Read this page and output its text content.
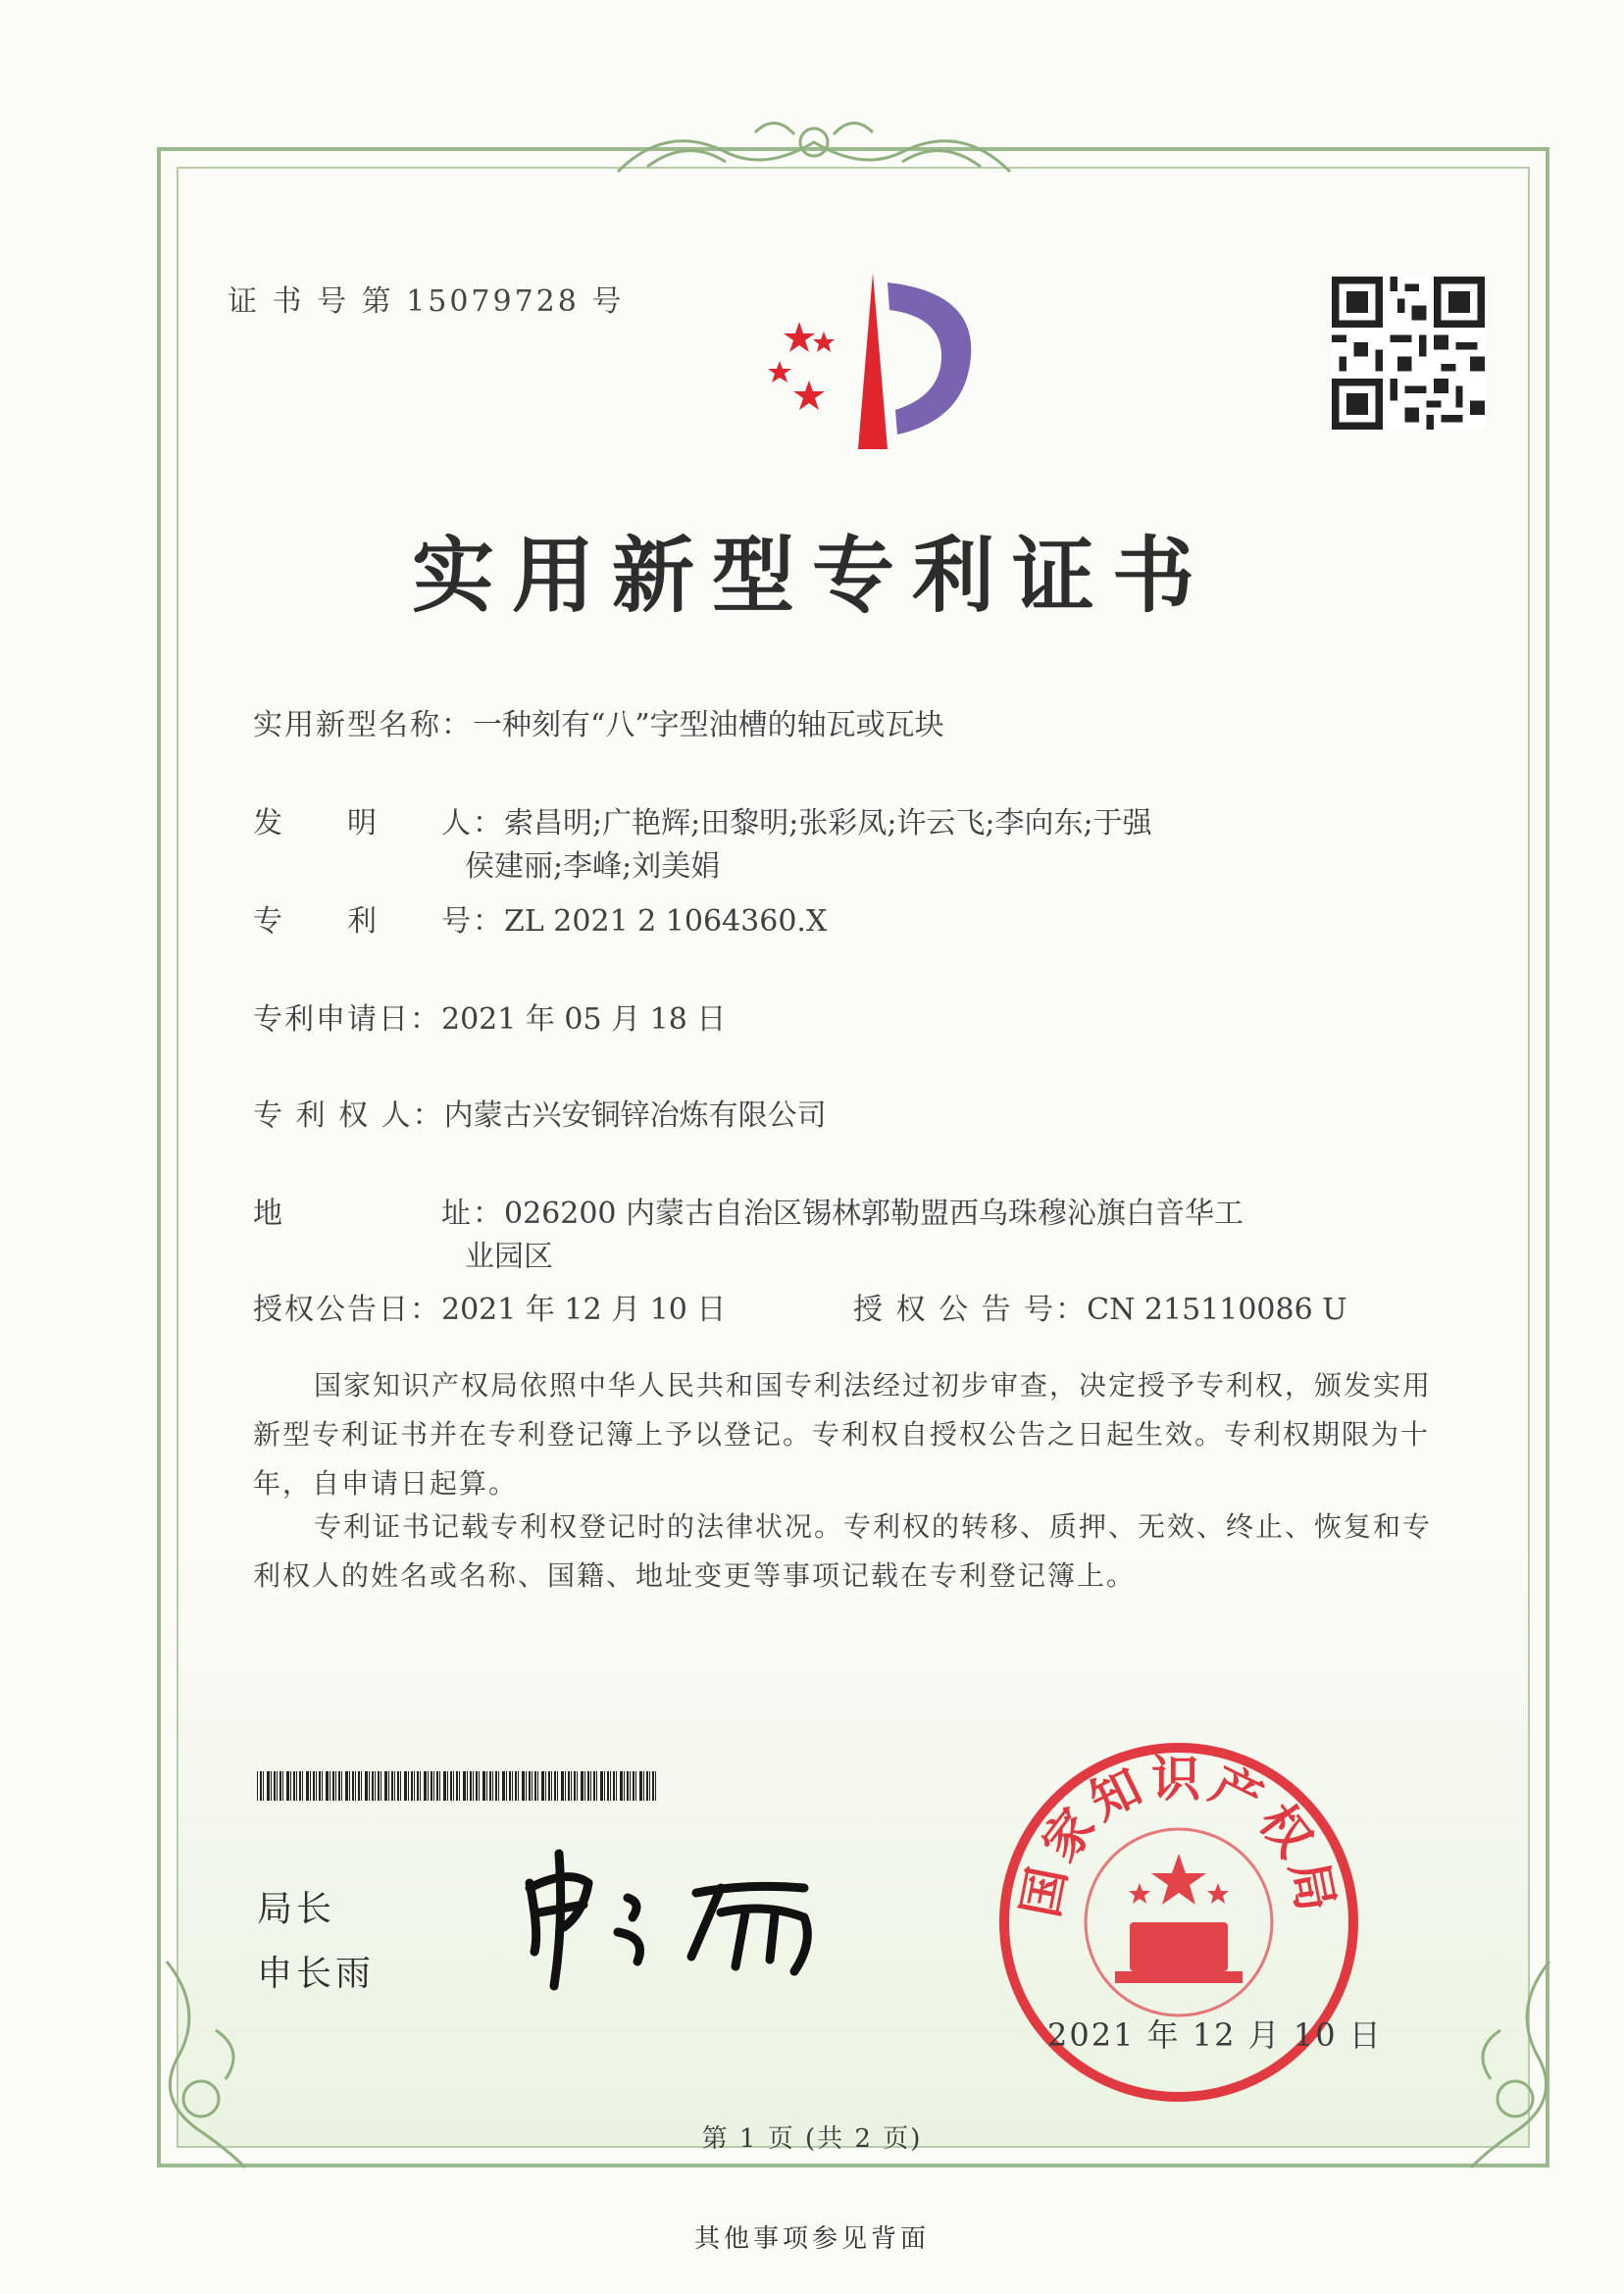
证 书 号 第 15079728 号
实用新型专利证书
实用新型名称：一种刻有“八”字型油槽的轴瓦或瓦块
发　　明　　人：索昌明;广艳辉;田黎明;张彩凤;许云飞;李向东;于强
侯建丽;李峰;刘美娟
专　　利　　号：ZL 2021 2 1064360.X
专利申请日：2021 年 05 月 18 日
专 利 权 人：内蒙古兴安铜锌冶炼有限公司
地　　　　　址：026200 内蒙古自治区锡林郭勒盟西乌珠穆沁旗白音华工
业园区
授权公告日：2021 年 12 月 10 日	授 权 公 告 号：CN 215110086 U
国家知识产权局依照中华人民共和国专利法经过初步审查，决定授予专利权，颁发实用新型专利证书并在专利登记簿上予以登记。专利权自授权公告之日起生效。专利权期限为十年，自申请日起算。
专利证书记载专利权登记时的法律状况。专利权的转移、质押、无效、终止、恢复和专利权人的姓名或名称、国籍、地址变更等事项记载在专利登记簿上。
局长
申长雨
国家知识产权局
2021 年 12 月 10 日
第 1 页 (共 2 页)
其他事项参见背面
